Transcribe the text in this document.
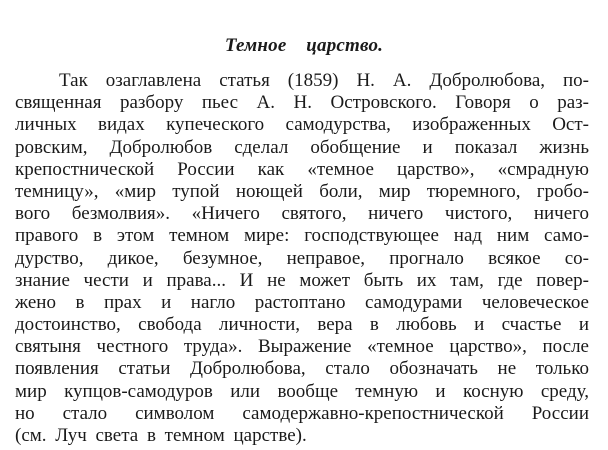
Темное    царство.
Так озаглавлена статья (1859) Н. А. Добролюбова, по-
священная разбору пьес А. Н. Островского. Говоря о раз-
личных видах купеческого самодурства, изображенных Ост-
ровским, Добролюбов сделал обобщение и показал жизнь
крепостнической России как «темное царство», «смрадную
темницу», «мир тупой ноющей боли, мир тюремного, гробо-
вого безмолвия». «Ничего святого, ничего чистого, ничего
правого в этом темном мире: господствующее над ним само-
дурство, дикое, безумное, неправое, прогнало всякое со-
знание чести и права... И не может быть их там, где повер-
жено в прах и нагло растоптано самодурами человеческое
достоинство, свобода личности, вера в любовь и счастье и
святыня честного труда». Выражение «темное царство», после
появления статьи Добролюбова, стало обозначать не только
мир купцов-самодуров или вообще темную и косную среду,
но стало символом самодержавно-крепостнической России
(см. Луч света в темном царстве).
